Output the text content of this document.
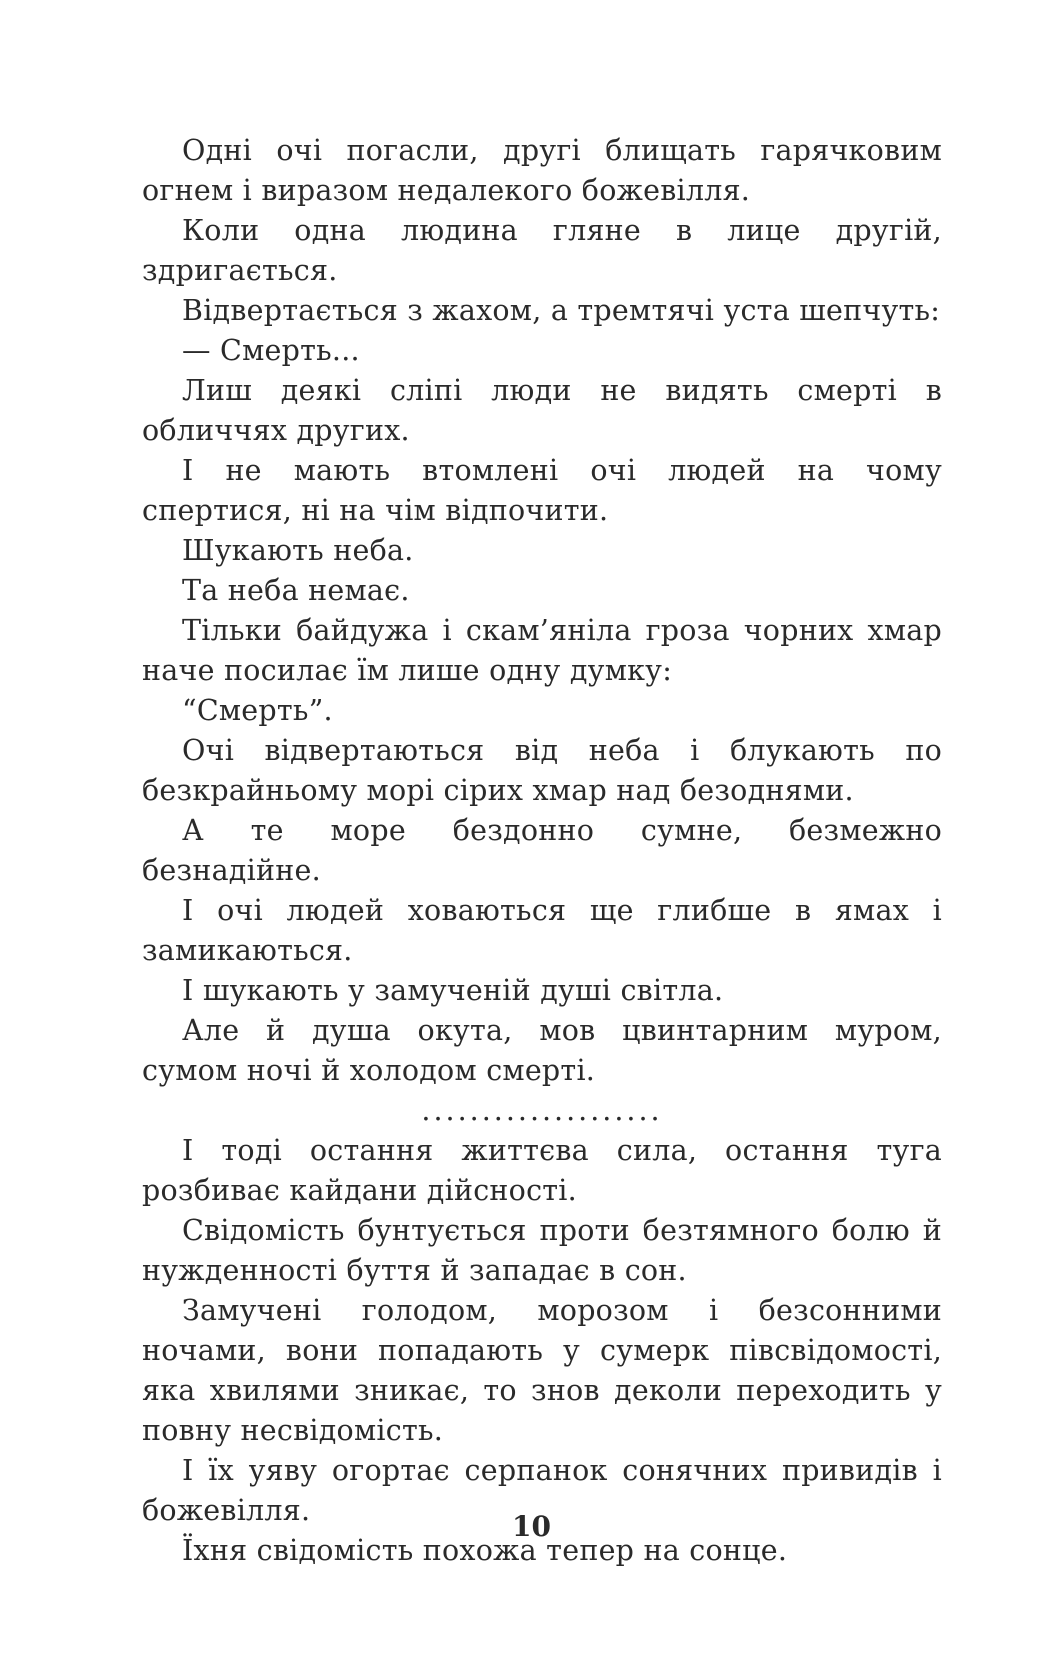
Одні очі погасли, другі блищать гарячковим огнем і виразом недалекого божевілля.

Коли одна людина гляне в лице другій, здригається.

Відвертається з жахом, а тремтячі уста шепчуть:

— Смерть...

Лиш деякі сліпі люди не видять смерті в обличчях других.

І не мають втомлені очі людей на чому спертися, ні на чім відпочити.

Шукають неба.

Та неба немає.

Тільки байдужа і скам’яніла гроза чорних хмар наче посилає їм лише одну думку:

“Смерть”.

Очі відвертаються від неба і блукають по безкрайньому морі сірих хмар над безоднями.

А те море бездонно сумне, безмежно безнадійне.

І очі людей ховаються ще глибше в ямах і замикаються.

І шукають у замученій душі світла.

Але й душа окута, мов цвинтарним муром, сумом ночі й холодом смерті.

....................

І тоді остання життєва сила, остання туга розбиває кайдани дійсності.

Свідомість бунтується проти безтямного болю й нужденності буття й западає в сон.

Замучені голодом, морозом і безсонними ночами, вони попадають у сумерк півсвідомості, яка хвилями зникає, то знов деколи переходить у повну несвідомість.

І їх уяву огортає серпанок сонячних привидів і божевілля.

Їхня свідомість похожа тепер на сонце.

10
